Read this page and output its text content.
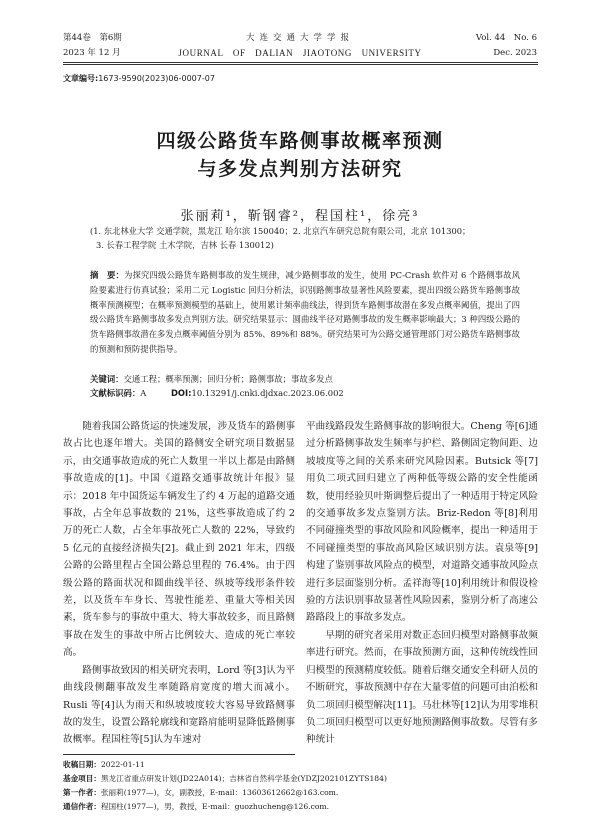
第44卷　第6期
2023 年 12 月
大连交通大学学报
JOURNAL　OF　DALIAN　JIAOTONG　UNIVERSITY
Vol. 44　No. 6
Dec. 2023
文章编号:1673-9590(2023)06-0007-07
四级公路货车路侧事故概率预测
与多发点判别方法研究
张丽莉¹，靳钢睿²，程国柱¹，徐亮³
(1. 东北林业大学 交通学院，黑龙江 哈尔滨 150040；2. 北京汽车研究总院有限公司，北京 101300；
3. 长春工程学院 土木学院，吉林 长春 130012)
摘　要：为探究四级公路货车路侧事故的发生规律，减少路侧事故的发生，使用 PC-Crash 软件对 6 个路侧事故风险要素进行仿真试验；采用二元 Logistic 回归分析法，识别路侧事故显著性风险要素，提出四级公路货车路侧事故概率预测模型；在概率预测模型的基础上，使用累计频率曲线法，得到货车路侧事故潜在多发点概率阈值，提出了四级公路货车路侧事故多发点判别方法。研究结果显示：圆曲线半径对路侧事故的发生概率影响最大；3 种四级公路的货车路侧事故潜在多发点概率阈值分别为 85%、89%和 88%。研究结果可为公路交通管理部门对公路货车路侧事故的预测和预防提供指导。
关键词：交通工程；概率预测；回归分析；路侧事故；事故多发点
文献标识码：A	DOI:10.13291/j.cnki.djdxac.2023.06.002

随着我国公路货运的快速发展，涉及货车的路侧事故占比也逐年增大。美国的路侧安全研究项目数据显示，由交通事故造成的死亡人数里一半以上都是由路侧事故造成的[1]。中国《道路交通事故统计年报》显示：2018 年中国货运车辆发生了约 4 万起的道路交通事故，占全年总事故数的 21%，这些事故造成了约 2 万的死亡人数，占全年事故死亡人数的 22%，导致约 5 亿元的直接经济损失[2]。截止到 2021 年末，四级公路的公路里程占全国公路总里程的 76.4%。由于四级公路的路面状况和圆曲线半径、纵坡等线形条件较差，以及货车车身长、驾驶性能差、重量大等相关因素，货车参与的事故中重大、特大事故较多，而且路侧事故在发生的事故中所占比例较大、造成的死亡率较高。

路侧事故致因的相关研究表明，Lord 等[3]认为平曲线段侧翻事故发生率随路肩宽度的增大而减小。Rusli 等[4]认为雨天和纵坡坡度较大容易导致路侧事故的发生，设置公路轮廓线和宽路肩能明显降低路侧事故概率。程国柱等[5]认为车速对

平曲线路段发生路侧事故的影响很大。Cheng 等[6]通过分析路侧事故发生频率与护栏、路侧固定物间距、边坡坡度等之间的关系来研究风险因素。Butsick 等[7]用负二项式回归建立了两种低等级公路的安全性能函数，使用经验贝叶斯调整后提出了一种适用于特定风险的交通事故多发点鉴别方法。Briz-Redon 等[8]利用不同碰撞类型的事故风险和风险概率，提出一种适用于不同碰撞类型的事故高风险区域识别方法。袁泉等[9]构建了鉴别事故风险点的模型，对道路交通事故风险点进行多层面鉴别分析。孟祥海等[10]利用统计和假设检验的方法识别事故显著性风险因素，鉴别分析了高速公路路段上的事故多发点。

早期的研究者采用对数正态回归模型对路侧事故频率进行研究。然而，在事故预测方面，这种传统线性回归模型的预测精度较低。随着后继交通安全科研人员的不断研究，事故预测中存在大量零值的问题可由泊松和负二项回归模型解决[11]。马壮林等[12]认为用零堆积负二项回归模型可以更好地预测路侧事故数。尽管有多种统计

收稿日期：2022-01-11
基金项目：黑龙江省重点研发计划(JD22A014)；吉林省自然科学基金(YDZJ202101ZYTS184)
第一作者：张丽莉(1977—)，女，副教授，E-mail：13603612662@163.com.
通信作者：程国柱(1977—)，男，教授，E-mail：guozhucheng@126.com.
